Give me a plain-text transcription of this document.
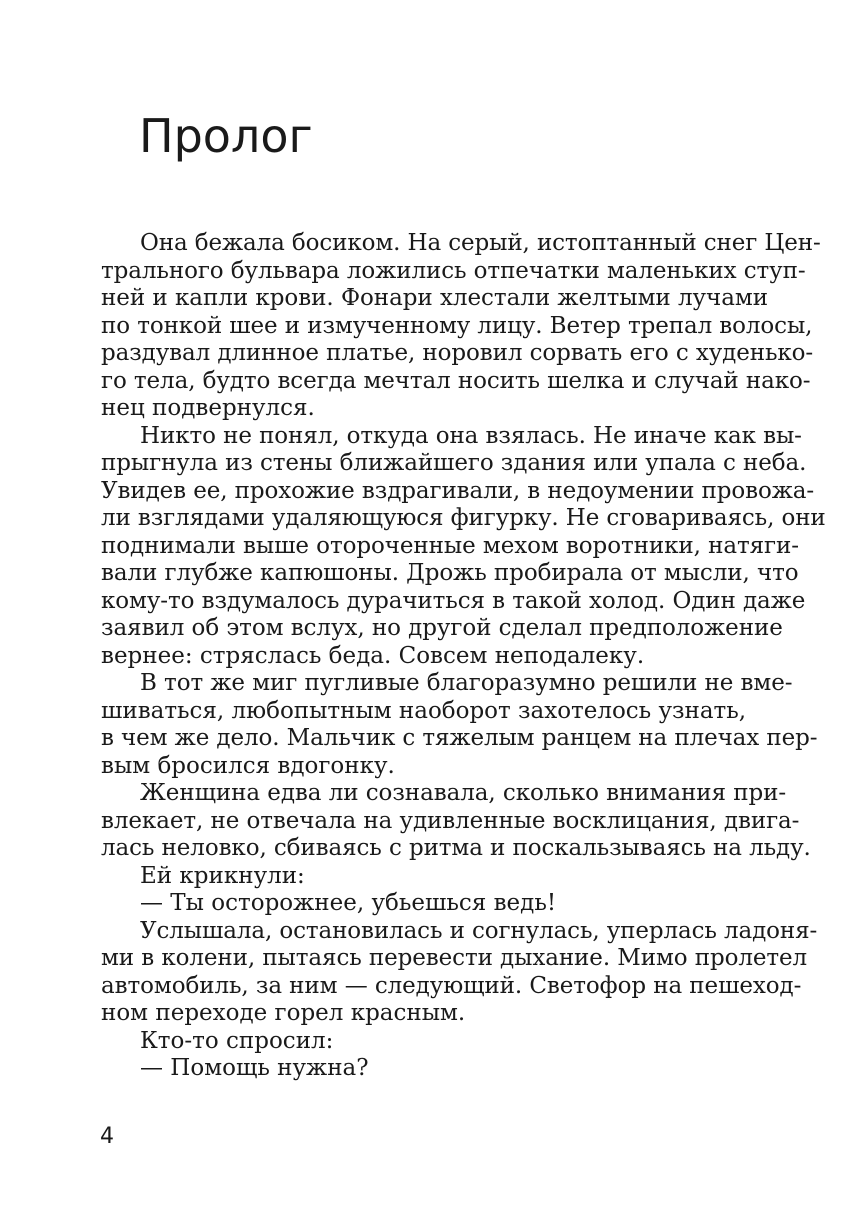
Пролог

Она бежала босиком. На серый, истоптанный снег Цен-
трального бульвара ложились отпечатки маленьких ступ-
ней и капли крови. Фонари хлестали желтыми лучами
по тонкой шее и измученному лицу. Ветер трепал волосы,
раздувал длинное платье, норовил сорвать его с худенько-
го тела, будто всегда мечтал носить шелка и случай нако-
нец подвернулся.

Никто не понял, откуда она взялась. Не иначе как вы-
прыгнула из стены ближайшего здания или упала с неба.
Увидев ее, прохожие вздрагивали, в недоумении провожа-
ли взглядами удаляющуюся фигурку. Не сговариваясь, они
поднимали выше отороченные мехом воротники, натяги-
вали глубже капюшоны. Дрожь пробирала от мысли, что
кому-то вздумалось дурачиться в такой холод. Один даже
заявил об этом вслух, но другой сделал предположение
вернее: стряслась беда. Совсем неподалеку.

В тот же миг пугливые благоразумно решили не вме-
шиваться, любопытным наоборот захотелось узнать,
в чем же дело. Мальчик с тяжелым ранцем на плечах пер-
вым бросился вдогонку.

Женщина едва ли сознавала, сколько внимания при-
влекает, не отвечала на удивленные восклицания, двига-
лась неловко, сбиваясь с ритма и поскальзываясь на льду.

Ей крикнули:

— Ты осторожнее, убьешься ведь!

Услышала, остановилась и согнулась, уперлась ладоня-
ми в колени, пытаясь перевести дыхание. Мимо пролетел
автомобиль, за ним — следующий. Светофор на пешеход-
ном переходе горел красным.

Кто-то спросил:

— Помощь нужна?

4
